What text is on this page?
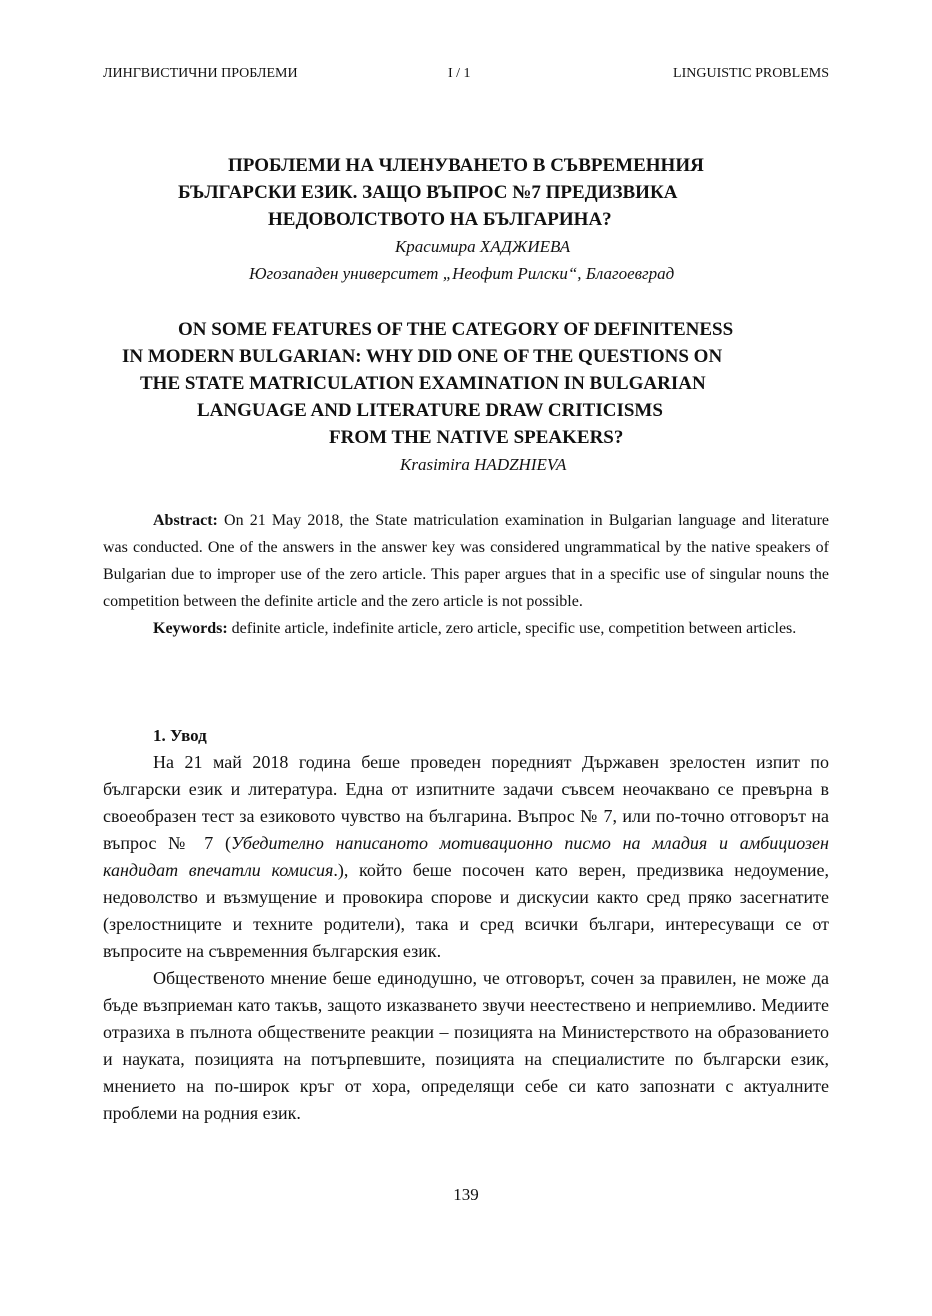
ЛИНГВИСТИЧНИ ПРОБЛЕМИ	I / 1	LINGUISTIC PROBLEMS
ПРОБЛЕМИ НА ЧЛЕНУВАНЕТО В СЪВРЕМЕННИЯ
БЪЛГАРСКИ ЕЗИК. ЗАЩО ВЪПРОС №7 ПРЕДИЗВИКА
НЕДОВОЛСТВОТО НА БЪЛГАРИНА?
Красимира ХАДЖИЕВА
Югозападен университет „Неофит Рилски“, Благоевград
ON SOME FEATURES OF THE CATEGORY OF DEFINITENESS
IN MODERN BULGARIAN: WHY DID ONE OF THE QUESTIONS ON
THE STATE MATRICULATION EXAMINATION IN BULGARIAN
LANGUAGE AND LITERATURE DRAW CRITICISMS
FROM THE NATIVE SPEAKERS?
Krasimira HADZHIEVA

Abstract: On 21 May 2018, the State matriculation examination in Bulgarian language and literature was conducted. One of the answers in the answer key was considered ungrammatical by the native speakers of Bulgarian due to improper use of the zero article. This paper argues that in a specific use of singular nouns the competition between the definite article and the zero article is not possible.

Keywords: definite article, indefinite article, zero article, specific use, competition between articles.

1. Увод

На 21 май 2018 година беше проведен поредният Държавен зрелостен изпит по български език и литература. Една от изпитните задачи съвсем неочаквано се превърна в своеобразен тест за езиковото чувство на българина. Въпрос № 7, или по-точно отговорът на въпрос № 7 (Убедително написаното мотивационно писмо на младия и амбициозен кандидат впечатли комисия.), който беше посочен като верен, предизвика недоумение, недоволство и възмущение и провокира спорове и дискусии както сред пряко засегнатите (зрелостниците и техните родители), така и сред всички българи, интересуващи се от въпросите на съвременния българския език.

Общественото мнение беше единодушно, че отговорът, сочен за правилен, не може да бъде възприеман като такъв, защото изказването звучи неестествено и неприемливо. Медиите отразиха в пълнота обществените реакции – позицията на Министерството на образованието и науката, позицията на потърпевшите, позицията на специалистите по български език, мнението на по-широк кръг от хора, определящи себе си като запознати с актуалните проблеми на родния език.

139
